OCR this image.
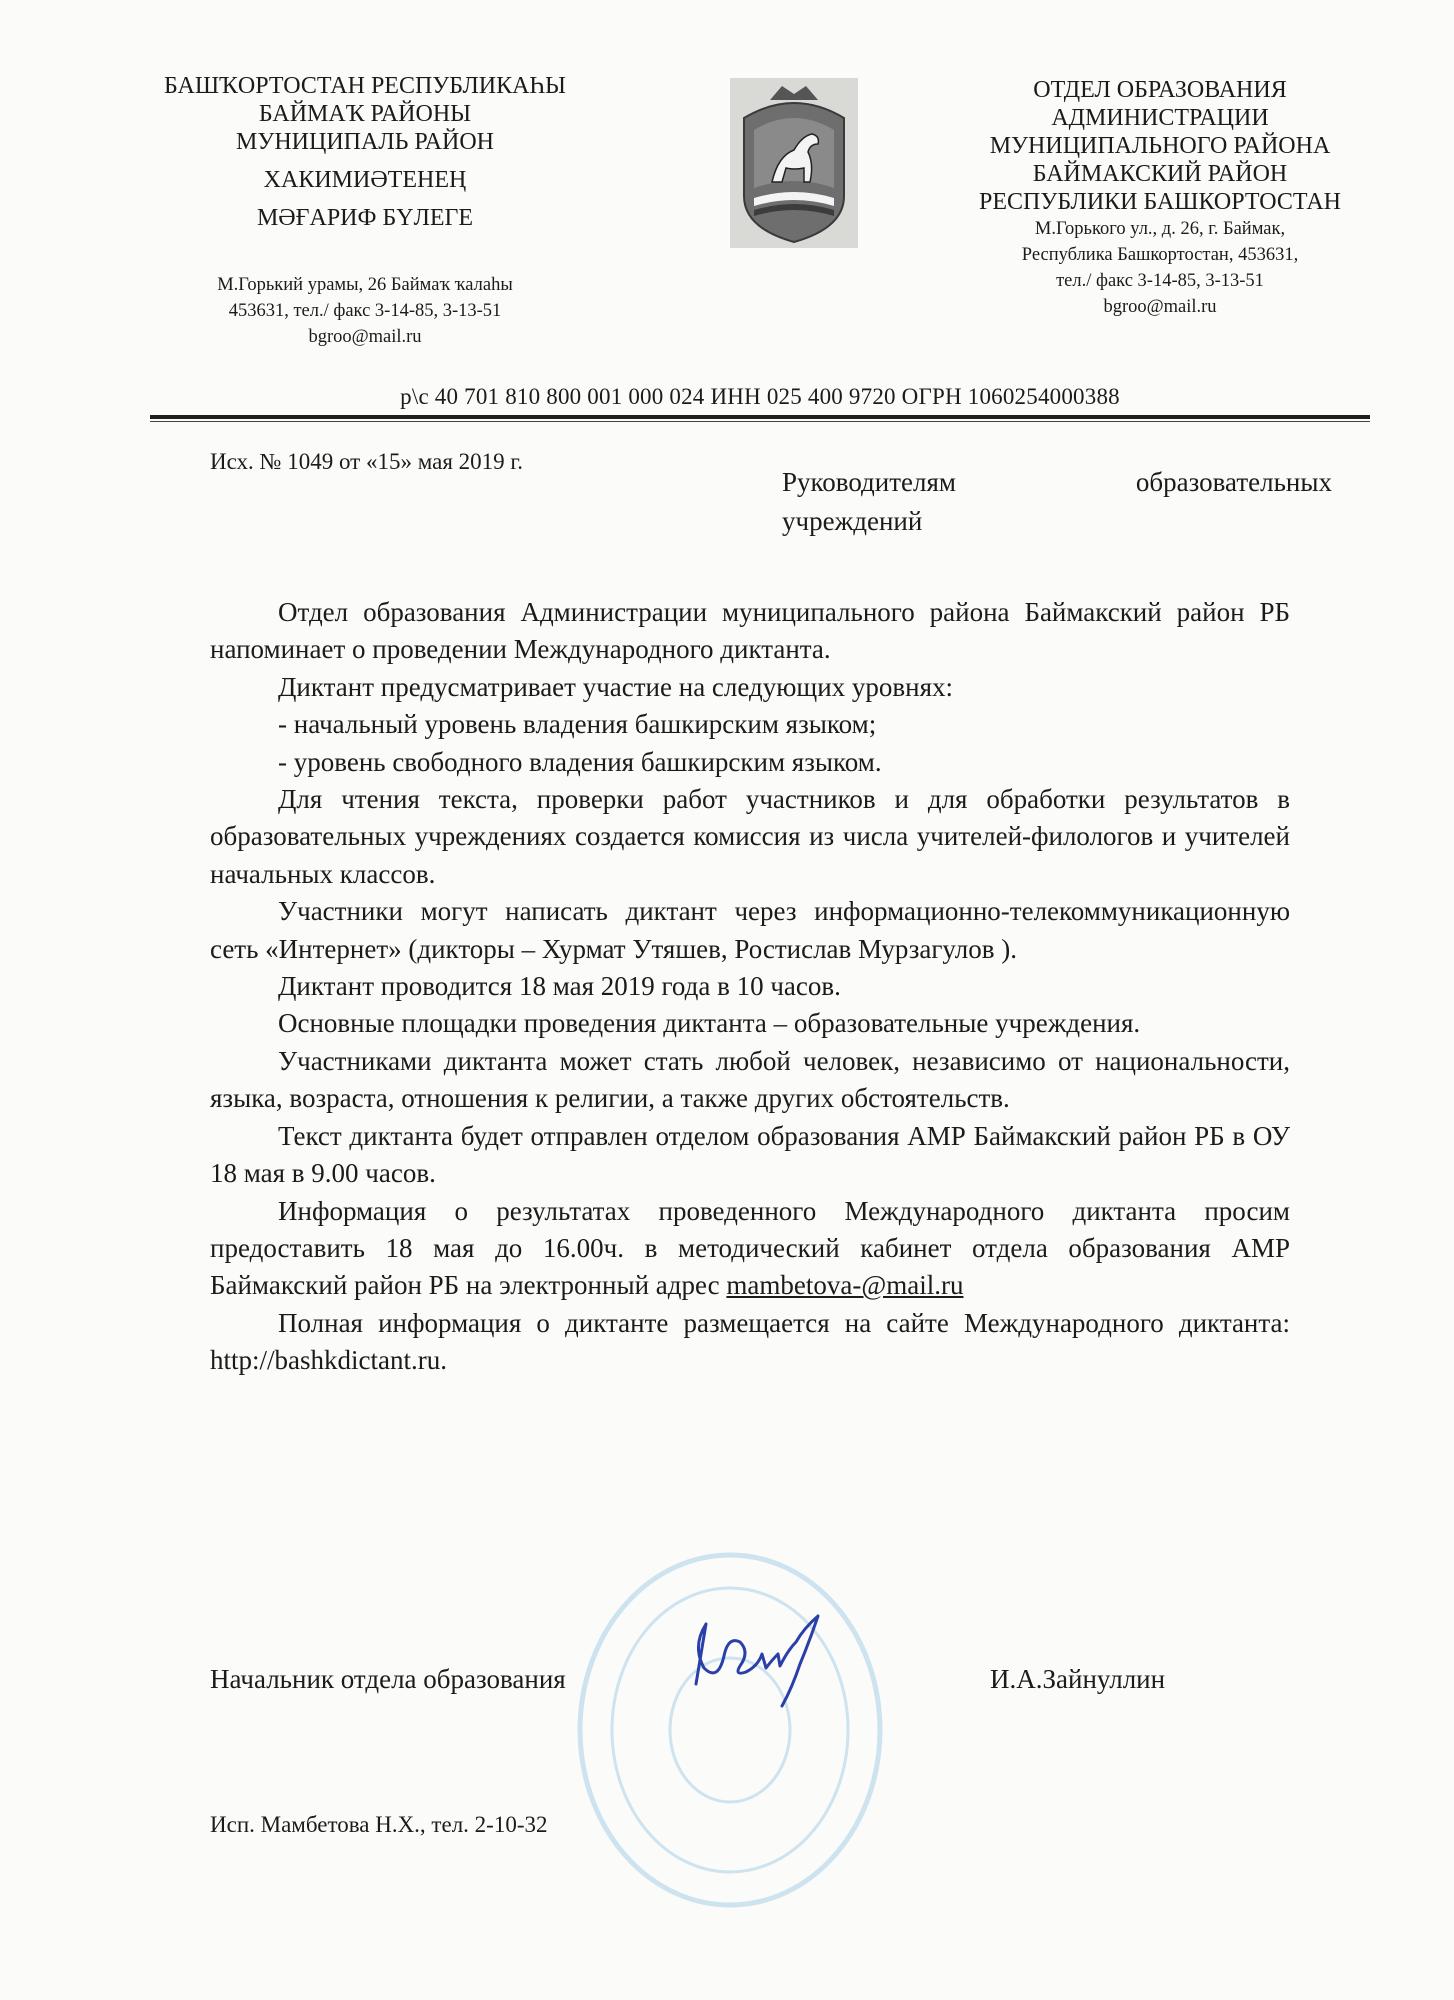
БАШҠОРТОСТАН РЕСПУБЛИКАҺЫ
БАЙМАҠ РАЙОНЫ
МУНИЦИПАЛЬ РАЙОН
ХАКИМИӘТЕНЕҢ
МӘҒАРИФ БҮЛЕГЕ
М.Горький урамы, 26 Баймаҡ ҡалаһы
453631, тел./ факс 3-14-85, 3-13-51
bgroo@mail.ru
ОТДЕЛ ОБРАЗОВАНИЯ
АДМИНИСТРАЦИИ
МУНИЦИПАЛЬНОГО РАЙОНА
БАЙМАКСКИЙ РАЙОН
РЕСПУБЛИКИ БАШКОРТОСТАН
М.Горького ул., д. 26, г. Баймак,
Республика Башкортостан, 453631,
тел./ факс 3-14-85, 3-13-51
bgroo@mail.ru
р\с 40 701 810 800 001 000 024 ИНН 025 400 9720 ОГРН 1060254000388
Исх. № 1049 от «15» мая 2019 г.
Руководителям образовательных
учреждений

Отдел образования Администрации муниципального района Баймакский район РБ напоминает о проведении Международного диктанта.

Диктант предусматривает участие на следующих уровнях:

- начальный уровень владения башкирским языком;

- уровень свободного владения башкирским языком.

Для чтения текста, проверки работ участников и для обработки результатов в образовательных учреждениях создается комиссия из числа учителей-филологов и учителей начальных классов.

Участники могут написать диктант через информационно-телекоммуникационную сеть «Интернет» (дикторы – Хурмат Утяшев, Ростислав Мурзагулов ).

Диктант проводится 18 мая 2019 года в 10 часов.

Основные площадки проведения диктанта – образовательные учреждения.

Участниками диктанта может стать любой человек, независимо от национальности, языка, возраста, отношения к религии, а также других обстоятельств.

Текст диктанта будет отправлен отделом образования АМР Баймакский район РБ в ОУ 18 мая в 9.00 часов.

Информация о результатах проведенного Международного диктанта просим предоставить 18 мая до 16.00ч. в методический кабинет отдела образования АМР Баймакский район РБ на электронный адрес mambetova-@mail.ru

Полная информация о диктанте размещается на сайте Международного диктанта: http://bashkdictant.ru.

Начальник отдела образования	И.А.Зайнуллин
Исп. Мамбетова Н.Х., тел. 2-10-32
